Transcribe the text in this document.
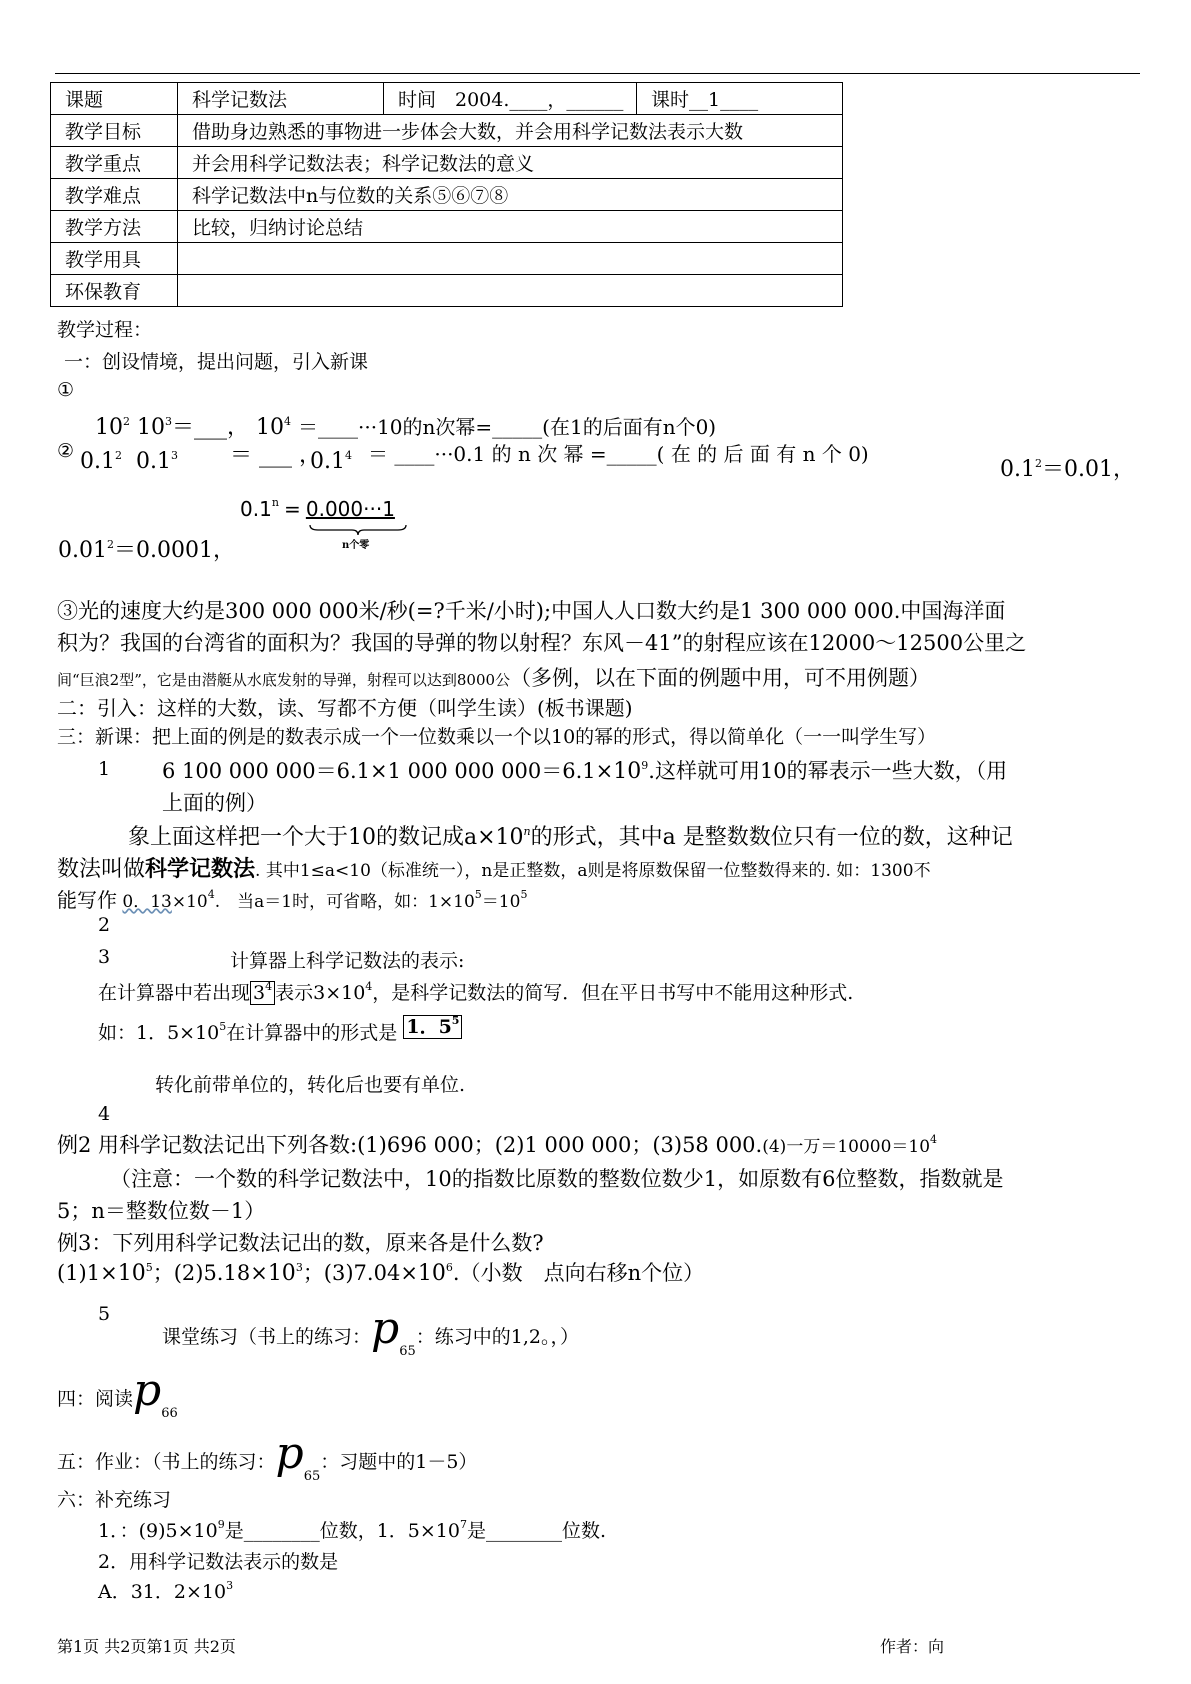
课题	科学记数法	时间　2004.____，______	课时__1____
教学目标	借助身边熟悉的事物进一步体会大数，并会用科学记数法表示大数		
教学重点	并会用科学记数法表；科学记数法的意义		
教学难点	科学记数法中n与位数的关系⑤⑥⑦⑧		
教学方法	比较，归纳讨论总结		
教学用具			
环保教育			
教学过程：
一：创设情境，提出问题，引入新课
①
$10^2$ $10^3=\_\_\_$， $10^4$ ＝____···10的n次幂=_____(在1的后面有n个0)
② $0.1^2$ $0.1^3$ ＝ ___ ，
$0.1^4$ ＝ ____···0.1 的 n 次 幂 =_____( 在 的 后 面 有 n 个 0)
$0.1^2=0.01$，
$0.1^n = 0.000\cdot\cdot\cdot 1$
n个零
$0.01^2=0.0001$，
③光的速度大约是300 000 000米/秒(=?千米/小时);中国人人口数大约是1 300 000 000.中国海洋面
积为？我国的台湾省的面积为？我国的导弹的物以射程？东风－41”的射程应该在12000～12500公里之
间“巨浪2型”，它是由潜艇从水底发射的导弹，射程可以达到8000公（多例，以在下面的例题中用，可不用例题）
二：引入：这样的大数，读、写都不方便（叫学生读）(板书课题)
三：新课：把上面的例是的数表示成一个一位数乘以一个以10的幂的形式，得以简单化（一一叫学生写）
1 6 100 000 000＝6.1×1 000 000 $000=6.1\times 10^9$.这样就可用10的幂表示一些大数，（用
上面的例）
象上面这样把一个大于10的数记成$a\times 10^n$的形式，其中a 是整数数位只有一位的数，这种记
数法叫做科学记数法. 其中1≤a<10（标准统一），n是正整数，a则是将原数保留一位整数得来的. 如：1300不
能写作 0．$13\times 10^4$.　当a＝1时，可省略，如：$1\times 10^5=10^5$
2
3	计算器上科学记数法的表示:
在计算器中若出现 $3^4$ 表示$3\times 10^4$，是科学记数法的简写．但在平日书写中不能用这种形式.
如：1．$5\times 10^5$在计算器中的形式是 1．$5^5$
转化前带单位的，转化后也要有单位.
4
例2 用科学记数法记出下列各数:(1)696 000；(2)1 000 000；(3)58 000.(4)一万$=10000=10^4$
（注意：一个数的科学记数法中，10的指数比原数的整数位数少1，如原数有6位整数，指数就是
5；n＝整数位数－1）
例3：下列用科学记数法记出的数，原来各是什么数?
$(1)1\times 10^5$；$(2)5.18\times 10^3$；$(3)7.04\times 10^6$.（小数　点向右移n个位）
5
课堂练习（书上的练习：$p_{65}$：练习中的1,2。，）
四：阅读$p_{66}$
五：作业：（书上的练习：$p_{65}$：习题中的1－5）
六：补充练习
1．：$(9)5\times 10^9$是________位数，1．$5\times 10^7$是________位数.
2．用科学记数法表示的数是
A．31．$2\times 10^3$
第1页 共2页第1页 共2页	作者：向
